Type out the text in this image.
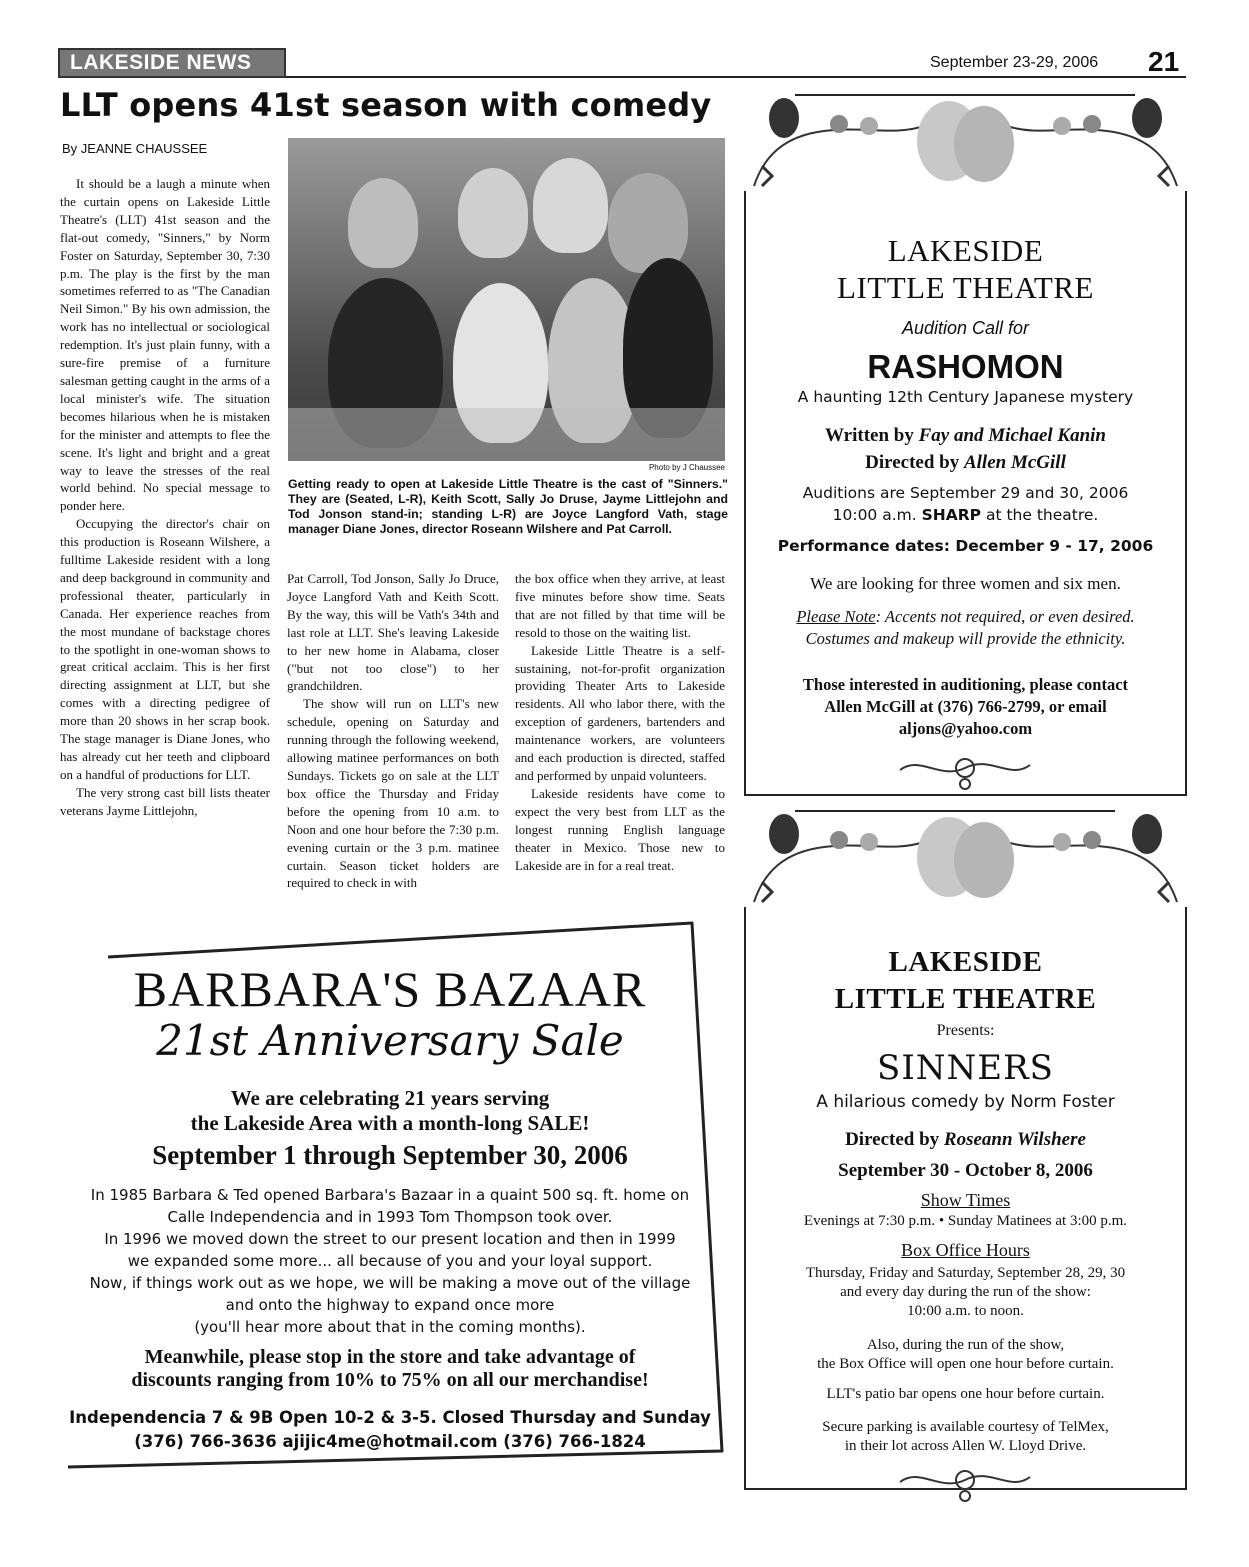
LAKESIDE NEWS	September 23-29, 2006 21
LLT opens 41st season with comedy
By JEANNE CHAUSSEE

It should be a laugh a minute when the curtain opens on Lakeside Little Theatre's (LLT) 41st season and the flat-out comedy, "Sinners," by Norm Foster on Saturday, September 30, 7:30 p.m. The play is the first by the man sometimes referred to as "The Canadian Neil Simon." By his own admission, the work has no intellectual or sociological redemption. It's just plain funny, with a sure-fire premise of a furniture salesman getting caught in the arms of a local minister's wife. The situation becomes hilarious when he is mistaken for the minister and attempts to flee the scene. It's light and bright and a great way to leave the stresses of the real world behind. No special message to ponder here.

Occupying the director's chair on this production is Roseann Wilshere, a fulltime Lakeside resident with a long and deep background in community and professional theater, particularly in Canada. Her experience reaches from the most mundane of backstage chores to the spotlight in one-woman shows to great critical acclaim. This is her first directing assignment at LLT, but she comes with a directing pedigree of more than 20 shows in her scrap book. The stage manager is Diane Jones, who has already cut her teeth and clipboard on a handful of productions for LLT.

The very strong cast bill lists theater veterans Jayme Littlejohn,

Photo by J Chaussee
Getting ready to open at Lakeside Little Theatre is the cast of "Sinners." They are (Seated, L-R), Keith Scott, Sally Jo Druse, Jayme Littlejohn and Tod Jonson stand-in; standing L-R) are Joyce Langford Vath, stage manager Diane Jones, director Roseann Wilshere and Pat Carroll.

Pat Carroll, Tod Jonson, Sally Jo Druce, Joyce Langford Vath and Keith Scott. By the way, this will be Vath's 34th and last role at LLT. She's leaving Lakeside to her new home in Alabama, closer ("but not too close") to her grandchildren.

The show will run on LLT's new schedule, opening on Saturday and running through the following weekend, allowing matinee performances on both Sundays. Tickets go on sale at the LLT box office the Thursday and Friday before the opening from 10 a.m. to Noon and one hour before the 7:30 p.m. evening curtain or the 3 p.m. matinee curtain. Season ticket holders are required to check in with

the box office when they arrive, at least five minutes before show time. Seats that are not filled by that time will be resold to those on the waiting list.

Lakeside Little Theatre is a self-sustaining, not-for-profit organization providing Theater Arts to Lakeside residents. All who labor there, with the exception of gardeners, bartenders and maintenance workers, are volunteers and each production is directed, staffed and performed by unpaid volunteers.

Lakeside residents have come to expect the very best from LLT as the longest running English language theater in Mexico. Those new to Lakeside are in for a real treat.

BARBARA'S BAZAAR
21st Anniversary Sale
We are celebrating 21 years serving
the Lakeside Area with a month-long SALE!
September 1 through September 30, 2006
In 1985 Barbara & Ted opened Barbara's Bazaar in a quaint 500 sq. ft. home on
Calle Independencia and in 1993 Tom Thompson took over.
In 1996 we moved down the street to our present location and then in 1999
we expanded some more... all because of you and your loyal support.
Now, if things work out as we hope, we will be making a move out of the village
and onto the highway to expand once more
(you'll hear more about that in the coming months).
Meanwhile, please stop in the store and take advantage of
discounts ranging from 10% to 75% on all our merchandise!
Independencia 7 & 9B Open 10-2 & 3-5. Closed Thursday and Sunday
(376) 766-3636 ajijic4me@hotmail.com (376) 766-1824
LAKESIDE
LITTLE THEATRE
Audition Call for
RASHOMON
A haunting 12th Century Japanese mystery
Written by Fay and Michael Kanin
Directed by Allen McGill
Auditions are September 29 and 30, 2006
10:00 a.m. SHARP at the theatre.
Performance dates: December 9 - 17, 2006
We are looking for three women and six men.
Please Note: Accents not required, or even desired.
Costumes and makeup will provide the ethnicity.
Those interested in auditioning, please contact
Allen McGill at (376) 766-2799, or email
aljons@yahoo.com
LAKESIDE
LITTLE THEATRE
Presents:
SINNERS
A hilarious comedy by Norm Foster
Directed by Roseann Wilshere
September 30 - October 8, 2006
Show Times
Evenings at 7:30 p.m. • Sunday Matinees at 3:00 p.m.
Box Office Hours
Thursday, Friday and Saturday, September 28, 29, 30
and every day during the run of the show:
10:00 a.m. to noon.
Also, during the run of the show,
the Box Office will open one hour before curtain.
LLT's patio bar opens one hour before curtain.
Secure parking is available courtesy of TelMex,
in their lot across Allen W. Lloyd Drive.
